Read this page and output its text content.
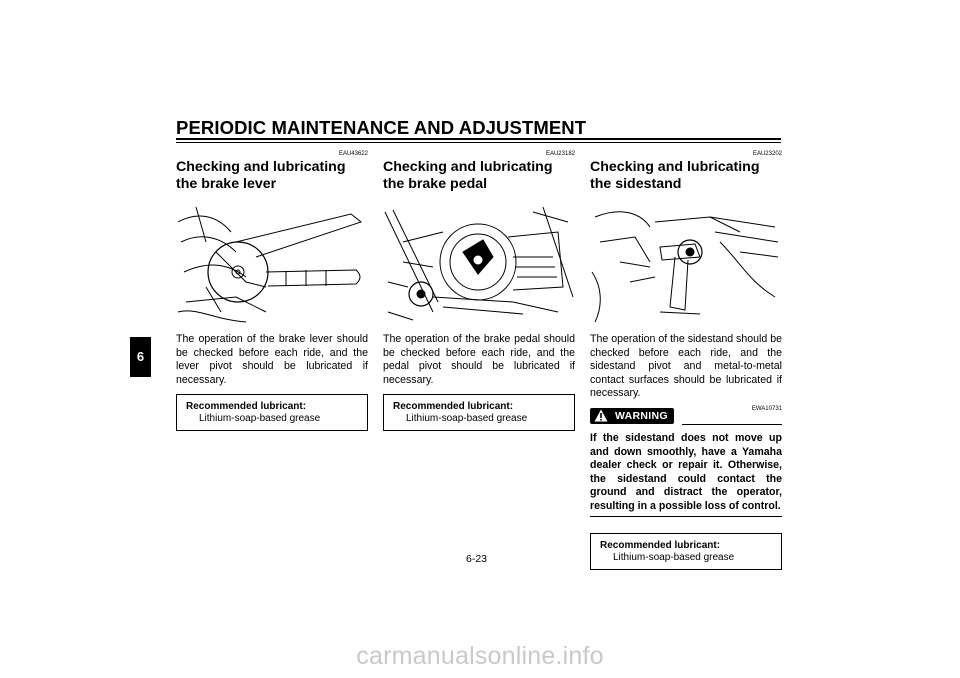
PERIODIC MAINTENANCE AND ADJUSTMENT
6
EAU43622
Checking and lubricating the brake lever
The operation of the brake lever should be checked before each ride, and the lever pivot should be lubricated if necessary.
Recommended lubricant:
Lithium-soap-based grease
EAU23182
Checking and lubricating the brake pedal
The operation of the brake pedal should be checked before each ride, and the pedal pivot should be lubricated if necessary.
Recommended lubricant:
Lithium-soap-based grease
EAU23202
Checking and lubricating the sidestand
The operation of the sidestand should be checked before each ride, and the sidestand pivot and metal-to-metal contact surfaces should be lubricated if necessary.
WARNING
EWA10731
If the sidestand does not move up and down smoothly, have a Yamaha dealer check or repair it. Otherwise, the sidestand could contact the ground and distract the operator, resulting in a possible loss of control.
Recommended lubricant:
Lithium-soap-based grease
6-23
carmanualsonline.info
